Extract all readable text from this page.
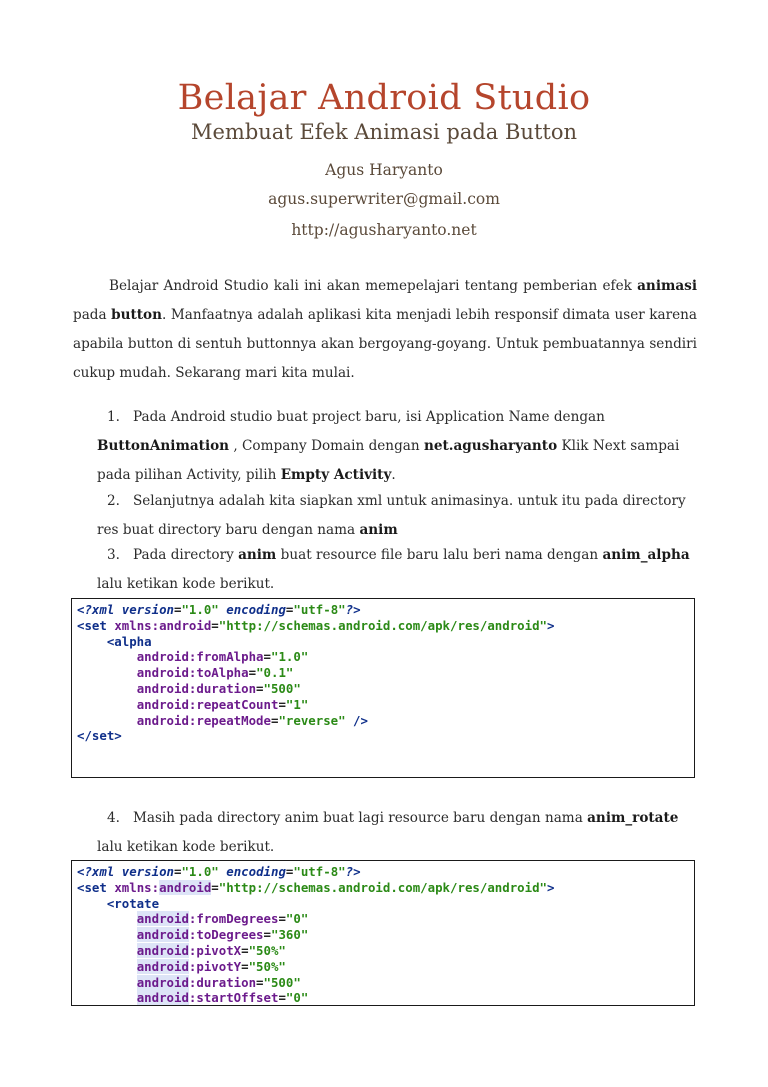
Belajar Android Studio
Membuat Efek Animasi pada Button
Agus Haryanto
agus.superwriter@gmail.com
http://agusharyanto.net

Belajar Android Studio kali ini akan memepelajari tentang pemberian efek animasi pada button. Manfaatnya adalah aplikasi kita menjadi lebih responsif dimata user karena apabila button di sentuh buttonnya akan bergoyang-goyang. Untuk pembuatannya sendiri cukup mudah. Sekarang mari kita mulai.

1. Pada Android studio buat project baru, isi Application Name dengan
ButtonAnimation , Company Domain dengan net.agusharyanto Klik Next sampai pada pilihan Activity, pilih Empty Activity.

2. Selanjutnya adalah kita siapkan xml untuk animasinya. untuk itu pada directory res buat directory baru dengan nama anim

3. Pada directory anim buat resource file baru lalu beri nama dengan anim_alpha lalu ketikan kode berikut.

<?xml version="1.0" encoding="utf-8"?>
<set xmlns:android="http://schemas.android.com/apk/res/android">
<alpha
android:fromAlpha="1.0"
android:toAlpha="0.1"
android:duration="500"
android:repeatCount="1"
android:repeatMode="reverse" />
</set>

4. Masih pada directory anim buat lagi resource baru dengan nama anim_rotate lalu ketikan kode berikut.

<?xml version="1.0" encoding="utf-8"?>
<set xmlns:android="http://schemas.android.com/apk/res/android">
<rotate
android:fromDegrees="0"
android:toDegrees="360"
android:pivotX="50%"
android:pivotY="50%"
android:duration="500"
android:startOffset="0"
